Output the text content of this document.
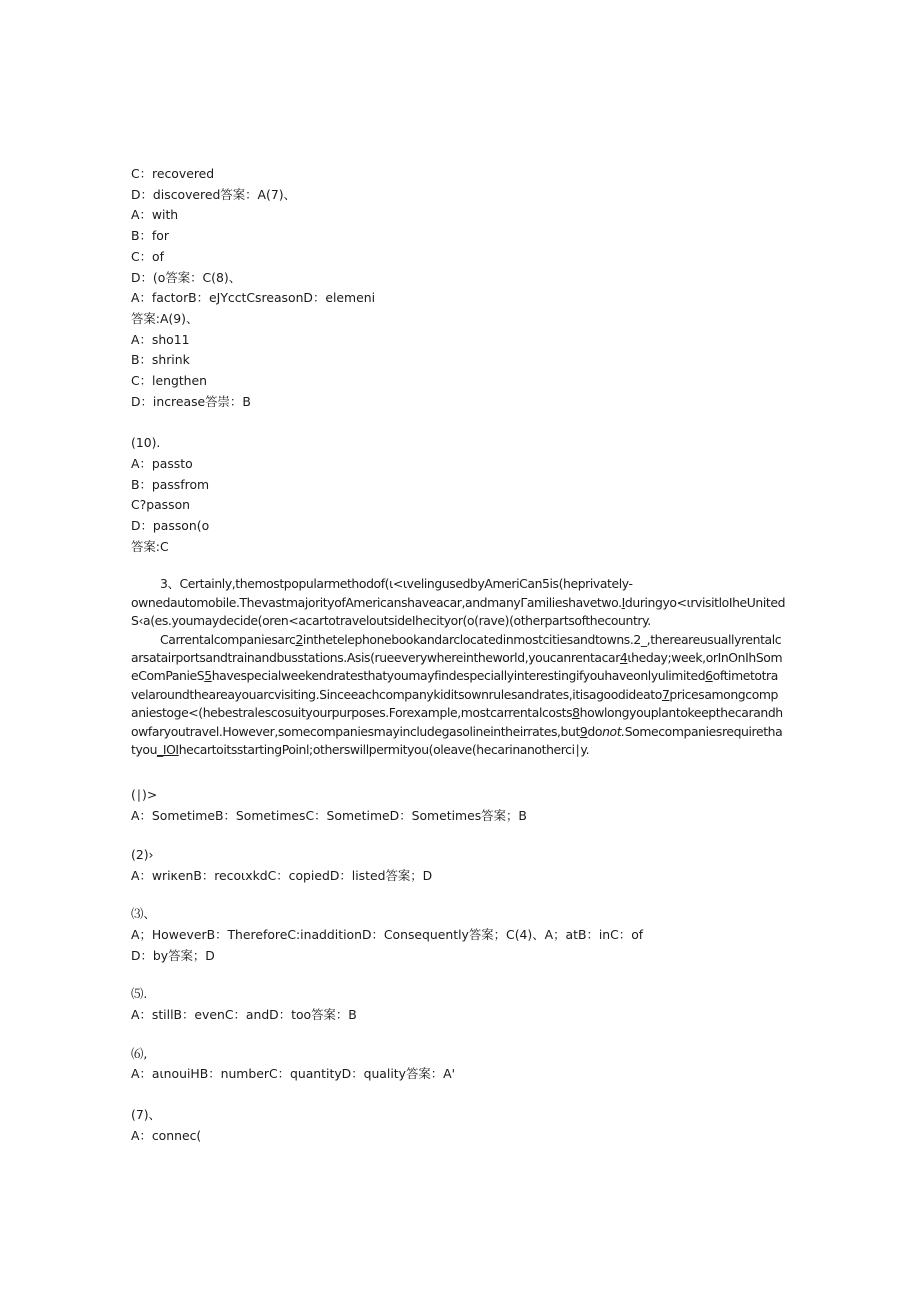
C：recovered
D：discovered答案：A(7)、
A：with
B：for
C：of
D：(o答案：C(8)、
A：factorB：eJYcctCsreasonD：elemeni
答案:A(9)、
A：sho11
B：shrink
C：lengthen
D：increase答崇：B
(10).
A：passto
B：passfrom
C?passon
D：passon(o
答案:C
3、Certainly,themostpopularmethodof(ι<ιvelingusedbyAmeriCan5is(heprivately-
ownedautomobile.ThevastmajorityofAmericanshaveacar,andmanyΓamilieshavetwo.Iduringyo<ιrvisitloIheUnited
S‹a(es.youmaydecide(oren<acartotraveloutsideIhecityor(o(rave)(otherpartsofthecountry.
Carrentalcompaniesarc2inthetelephonebookandarclocatedinmostcitiesandtowns.2_,thereareusuallyrentalc
arsatairportsandtrainandbusstations.Asis(rueeverywhereintheworld,youcanrentacar4ιheday;week,orInOnIhSom
eComPanieS5havespecialweekendratesthatyoumayfindespeciallyinterestingifyouhaveonlyulimited6oftimetotra
velaroundtheareayouarcvisiting.Sinceeachcompanykiditsownrulesandrates,itisagoodideato7pricesamongcomp
aniestoge<(hebestralescosuityourpurposes.Forexample,mostcarrentalcosts8howlongyouplantokeepthecarandh
owfaryoutravel.However,somecompaniesmayincludegasolineintheirrates,but9donot.Somecompaniesrequiretha
tyou_IOIhecartoitsstartingPoinl;otherswillpermityou(oleave(hecarinanotherci∣y.
(∣)>
A：SometimeB：SometimesC：SometimeD：Sometimes答案；B
(2)›
A：wriκenB：recoιxkdC：copiedD：listed答案；D
⑶、
A；HoweverB：ThereforeC:inadditionD：Consequently答案；C(4)、A；atB：inC：of
D：by答案；D
⑸.
A：stillB：evenC：andD：too答案：B
⑹,
A：aιnouiHB：numberC：quantityD：quality答案：A'
(7)、
A：connec(
